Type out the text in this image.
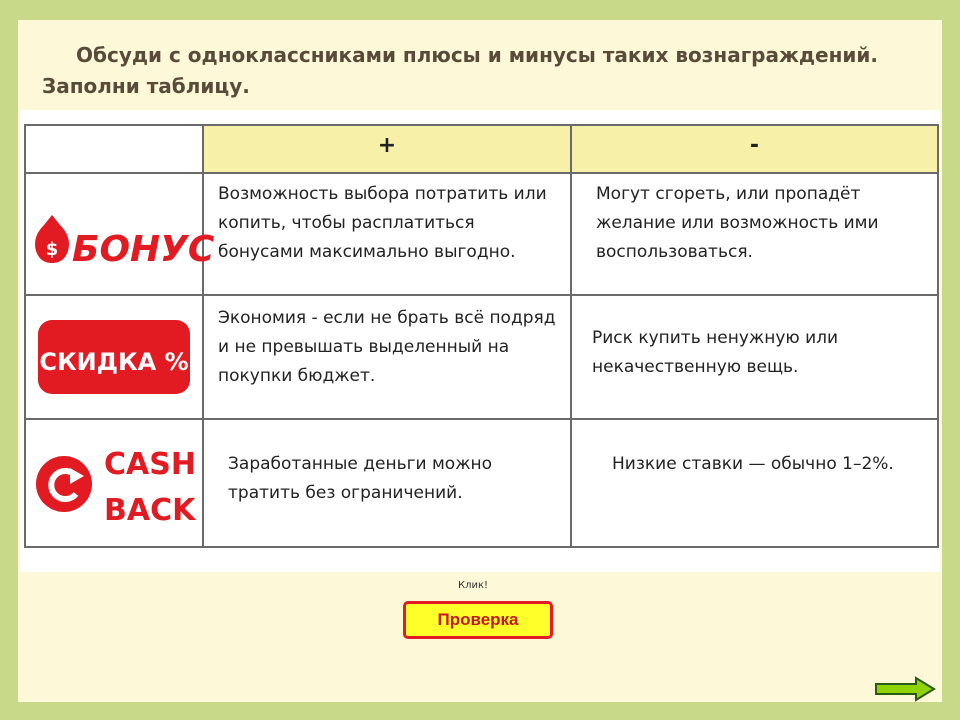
Обсуди с одноклассниками плюсы и минусы таких вознаграждений.
Заполни таблицу.

	+	-

$ БОНУС	Возможность выбора потратить или копить, чтобы расплатиться бонусами максимально выгодно.	Могут сгореть, или пропадёт желание или возможность ими воспользоваться.

СКИДКА %	Экономия - если не брать всё подряд и не превышать выделенный на покупки бюджет.	Риск купить ненужную или некачественную вещь.

CASH
BACK	Заработанные деньги можно тратить без ограничений.	Низкие ставки — обычно 1–2%.
Клик!
Проверка
